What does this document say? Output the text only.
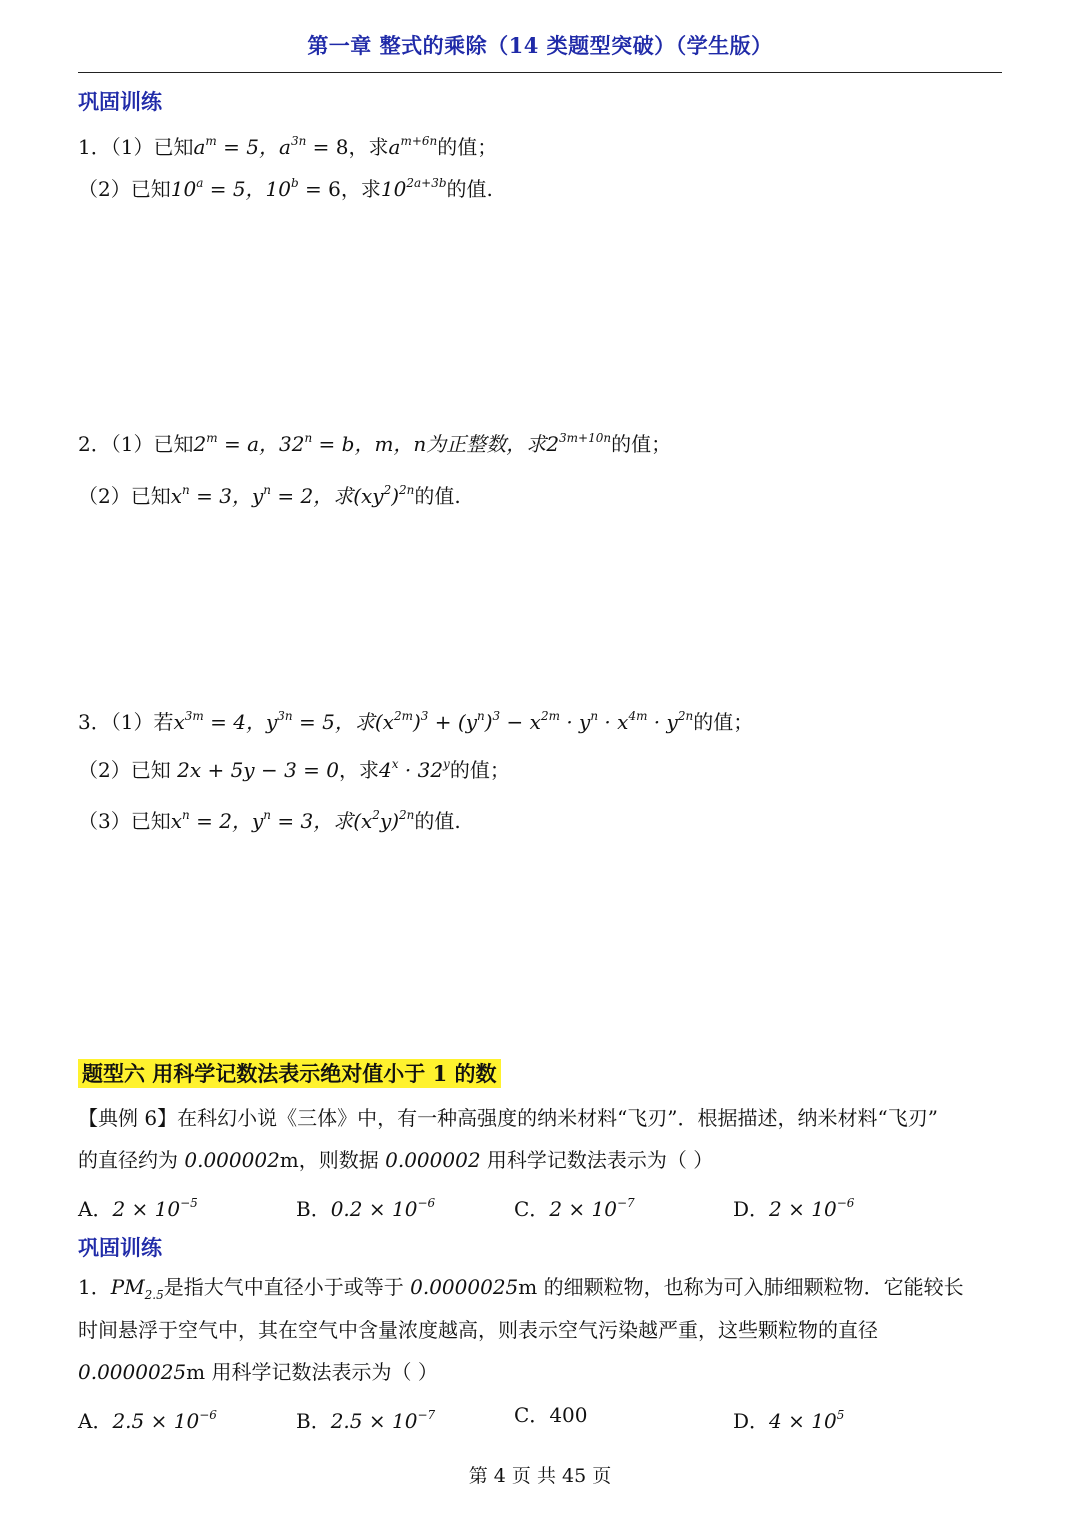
第一章 整式的乘除（14 类题型突破）（学生版）
巩固训练
1．（1）已知$a^m = 5$，$a^{3n} = 8$，求$a^{m+6n}$的值；
（2）已知$10^a = 5$，$10^b = 6$，求$10^{2a+3b}$的值.
2．（1）已知$2^m = a$，$32^n = b$，m，n为正整数，求$2^{3m+10n}$的值；
（2）已知$x^n = 3$，$y^n = 2$，求$(xy^2)^{2n}$的值.
3．（1）若$x^{3m} = 4$，$y^{3n} = 5$，求$(x^{2m})^3 + (y^n)^3 - x^{2m} \cdot y^n \cdot x^{4m} \cdot y^{2n}$的值；
（2）已知 2x + 5y − 3 = 0，求$4^x \cdot 32^y$的值；
（3）已知$x^n = 2$，$y^n = 3$，求$(x^2y)^{2n}$的值.
题型六 用科学记数法表示绝对值小于 1 的数
【典例 6】在科幻小说《三体》中，有一种高强度的纳米材料“飞刃”．根据描述，纳米材料“飞刃”
的直径约为 0.000002m，则数据 0.000002 用科学记数法表示为（ ）
A．$2 \times 10^{-5}$	B．$0.2 \times 10^{-6}$	C．$2 \times 10^{-7}$	D．$2 \times 10^{-6}$
巩固训练
1．$PM_{2.5}$是指大气中直径小于或等于 0.0000025m 的细颗粒物，也称为可入肺细颗粒物．它能较长
时间悬浮于空气中，其在空气中含量浓度越高，则表示空气污染越严重，这些颗粒物的直径
0.0000025m 用科学记数法表示为（ ）
A．$2.5 \times 10^{-6}$	B．$2.5 \times 10^{-7}$	C．400	D．$4 \times 10^5$
第 4 页 共 45 页
